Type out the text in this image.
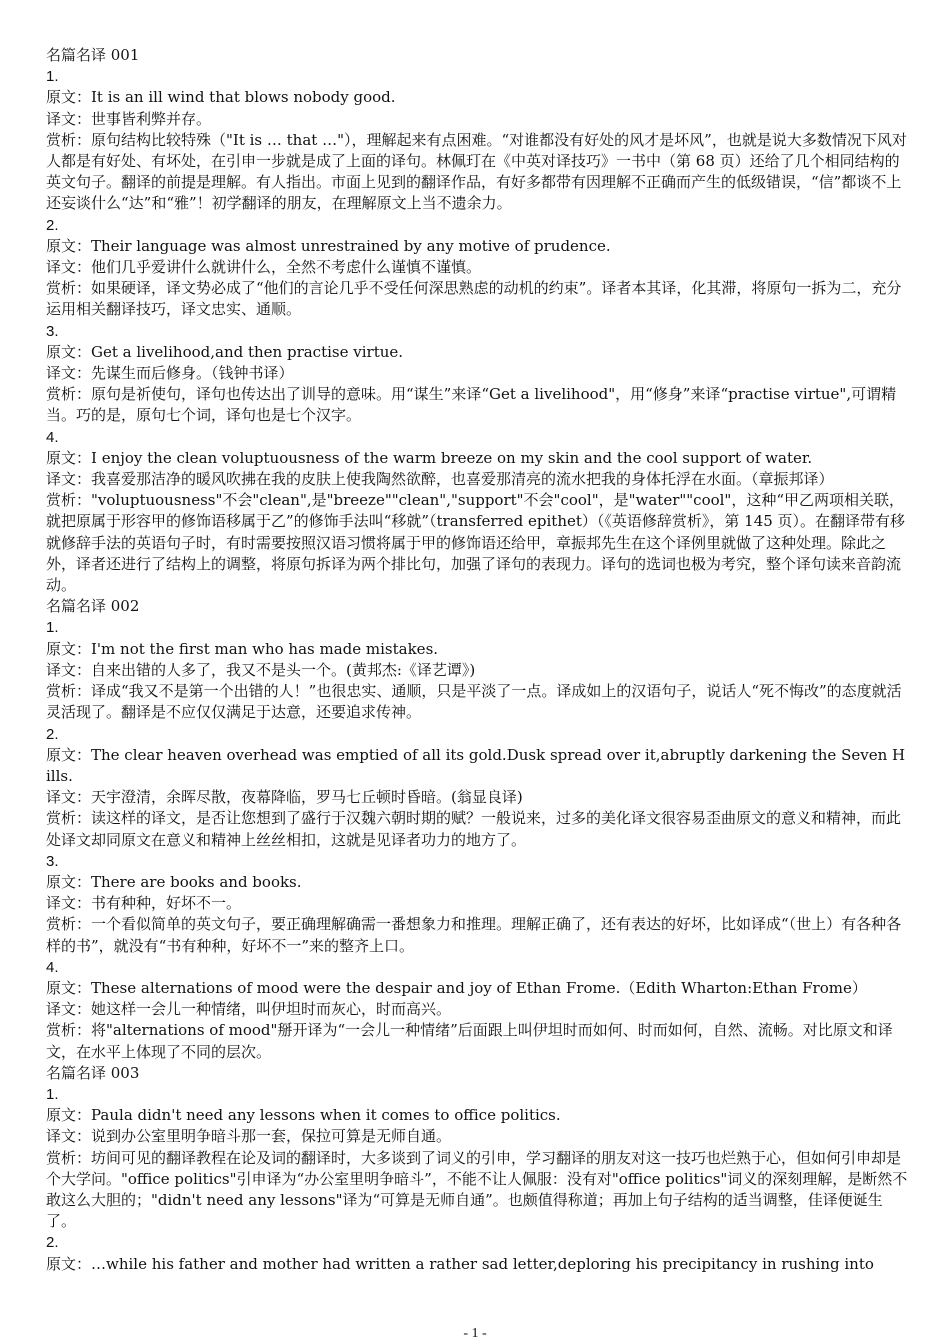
名篇名译 001
1.
原文：It is an ill wind that blows nobody good.
译文：世事皆利弊并存。
赏析：原句结构比较特殊（"It is … that …"），理解起来有点困难。“对谁都没有好处的风才是坏风”，也就是说大多数情况下风对人都是有好处、有坏处，在引申一步就是成了上面的译句。林佩玎在《中英对译技巧》一书中（第 68 页）还给了几个相同结构的英文句子。翻译的前提是理解。有人指出。市面上见到的翻译作品，有好多都带有因理解不正确而产生的低级错误，“信”都谈不上还妄谈什么“达”和“雅”！初学翻译的朋友，在理解原文上当不遗余力。
2.
原文：Their language was almost unrestrained by any motive of prudence.
译文：他们几乎爱讲什么就讲什么，全然不考虑什么谨慎不谨慎。
赏析：如果硬译，译文势必成了“他们的言论几乎不受任何深思熟虑的动机的约束”。译者本其译，化其滞，将原句一拆为二，充分运用相关翻译技巧，译文忠实、通顺。
3.
原文：Get a livelihood,and then practise virtue.
译文：先谋生而后修身。（钱钟书译）
赏析：原句是祈使句，译句也传达出了训导的意味。用“谋生”来译“Get a livelihood"，用“修身”来译“practise virtue",可谓精当。巧的是，原句七个词，译句也是七个汉字。
4.
原文：I enjoy the clean voluptuousness of the warm breeze on my skin and the cool support of water.
译文：我喜爱那洁净的暖风吹拂在我的皮肤上使我陶然欲醉，也喜爱那清亮的流水把我的身体托浮在水面。（章振邦译）
赏析："voluptuousness"不会"clean",是"breeze""clean","support"不会"cool"，是"water""cool"，这种“甲乙两项相关联，就把原属于形容甲的修饰语移属于乙”的修饰手法叫“移就”（transferred epithet）（《英语修辞赏析》，第 145 页）。在翻译带有移就修辞手法的英语句子时，有时需要按照汉语习惯将属于甲的修饰语还给甲，章振邦先生在这个译例里就做了这种处理。除此之外，译者还进行了结构上的调整，将原句拆译为两个排比句，加强了译句的表现力。译句的选词也极为考究，整个译句读来音韵流动。
名篇名译 002
1.
原文：I'm not the first man who has made mistakes.
译文：自来出错的人多了，我又不是头一个。(黄邦杰:《译艺谭》)
赏析：译成“我又不是第一个出错的人！”也很忠实、通顺，只是平淡了一点。译成如上的汉语句子，说话人“死不悔改”的态度就活灵活现了。翻译是不应仅仅满足于达意，还要追求传神。
2.
原文：The clear heaven overhead was emptied of all its gold.Dusk spread over it,abruptly darkening the Seven Hills.
译文：天宇澄清，余晖尽散，夜幕降临，罗马七丘顿时昏暗。(翁显良译)
赏析：读这样的译文，是否让您想到了盛行于汉魏六朝时期的赋？一般说来，过多的美化译文很容易歪曲原文的意义和精神，而此处译文却同原文在意义和精神上丝丝相扣，这就是见译者功力的地方了。
3.
原文：There are books and books.
译文：书有种种，好坏不一。
赏析：一个看似简单的英文句子，要正确理解确需一番想象力和推理。理解正确了，还有表达的好坏，比如译成“（世上）有各种各样的书”，就没有“书有种种，好坏不一”来的整齐上口。
4.
原文：These alternations of mood were the despair and joy of Ethan Frome.（Edith Wharton:Ethan Frome）
译文：她这样一会儿一种情绪，叫伊坦时而灰心，时而高兴。
赏析：将"alternations of mood"掰开译为“一会儿一种情绪”后面跟上叫伊坦时而如何、时而如何，自然、流畅。对比原文和译文，在水平上体现了不同的层次。
名篇名译 003
1.
原文：Paula didn't need any lessons when it comes to office politics.
译文：说到办公室里明争暗斗那一套，保拉可算是无师自通。
赏析：坊间可见的翻译教程在论及词的翻译时，大多谈到了词义的引申，学习翻译的朋友对这一技巧也烂熟于心，但如何引申却是个大学问。"office politics"引申译为“办公室里明争暗斗”，不能不让人佩服：没有对"office politics"词义的深刻理解，是断然不敢这么大胆的；"didn't need any lessons"译为“可算是无师自通”。也颇值得称道；再加上句子结构的适当调整，佳译便诞生了。
2.
原文：…while his father and mother had written a rather sad letter,deploring his precipitancy in rushing into
- 1 -
